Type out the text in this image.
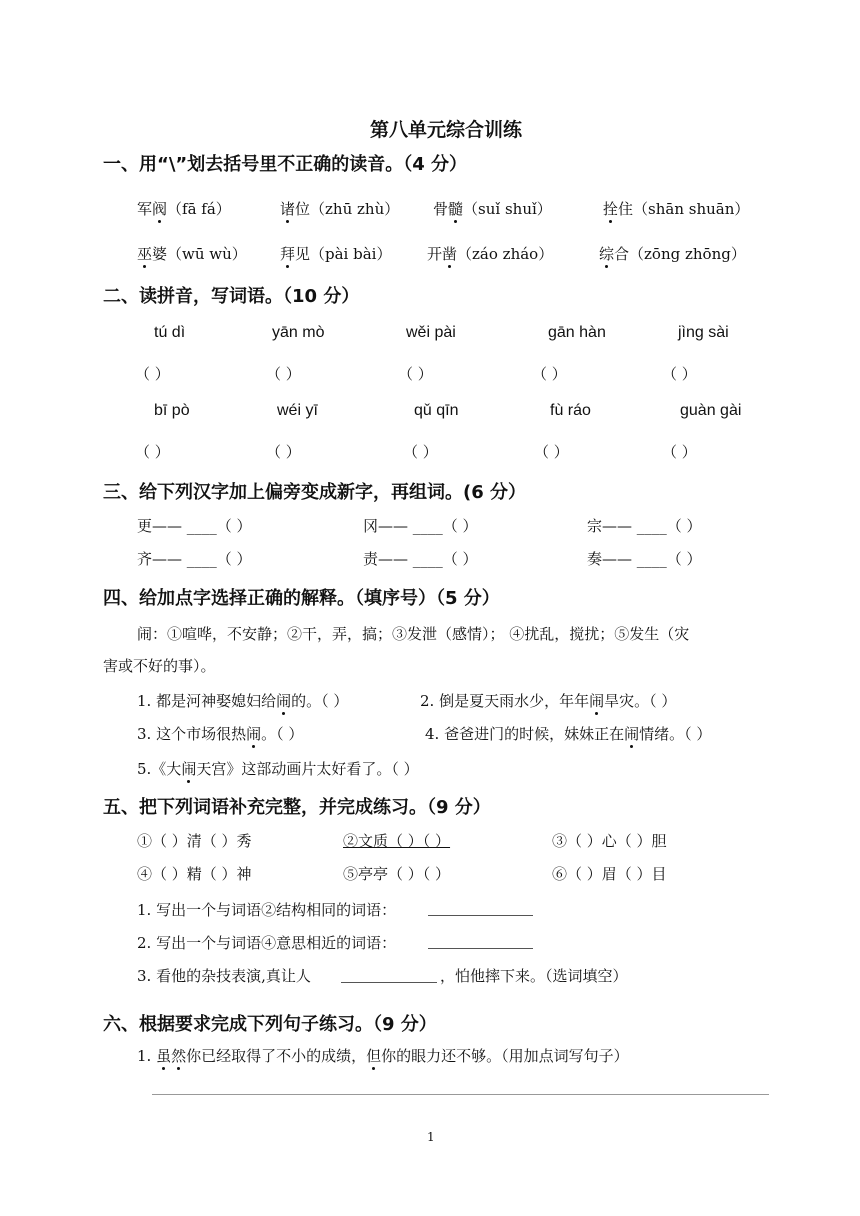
第八单元综合训练
一、用“\”划去括号里不正确的读音。（4 分）
军阀（fā fá）	诸位（zhū zhù） 骨髓（suǐ shuǐ）	拴住（shān shuān）
巫婆（wū wù） 拜见（pài bài） 开凿（záo zháo）	综合（zōng zhōng）
二、读拼音，写词语。（10 分）
tú dì	yān mò	wěi pài	gān hàn	jìng sài
（ ）	（ ）	（ ）	（ ）	（ ）
bī pò	wéi yī	qǔ qīn	fù ráo	guàn gài
（ ）	（ ）	（ ）	（ ）	（ ）
三、给下列汉字加上偏旁变成新字，再组词。(6 分）
更—— ____（ ）	冈—— ____（ ）	宗—— ____（ ）
齐—— ____（ ）	责—— ____（ ）	奏—— ____（ ）
四、给加点字选择正确的解释。（填序号）（5 分）
闹：①喧哗，不安静；②干，弄，搞；③发泄（感情）； ④扰乱，搅扰；⑤发生（灾
害或不好的事）。
1. 都是河神娶媳妇给闹的。（ ）	2. 倒是夏天雨水少，年年闹旱灾。（ ）
3. 这个市场很热闹。（ ）	4. 爸爸进门的时候，妹妹正在闹情绪。（ ）
5.《大闹天宫》这部动画片太好看了。（ ）
五、把下列词语补充完整，并完成练习。（9 分）
①（ ）清（ ）秀	②文质（ ）（ ）	③（ ）心（ ）胆
④（ ）精（ ）神	⑤亭亭（ ）（ ）	⑥（ ）眉（ ）目
1. 写出一个与词语②结构相同的词语：
2. 写出一个与词语④意思相近的词语：
3. 看他的杂技表演,真让人	，怕他摔下来。（选词填空）
六、根据要求完成下列句子练习。（9 分）
1. 虽然你已经取得了不小的成绩，但你的眼力还不够。（用加点词写句子）
1
